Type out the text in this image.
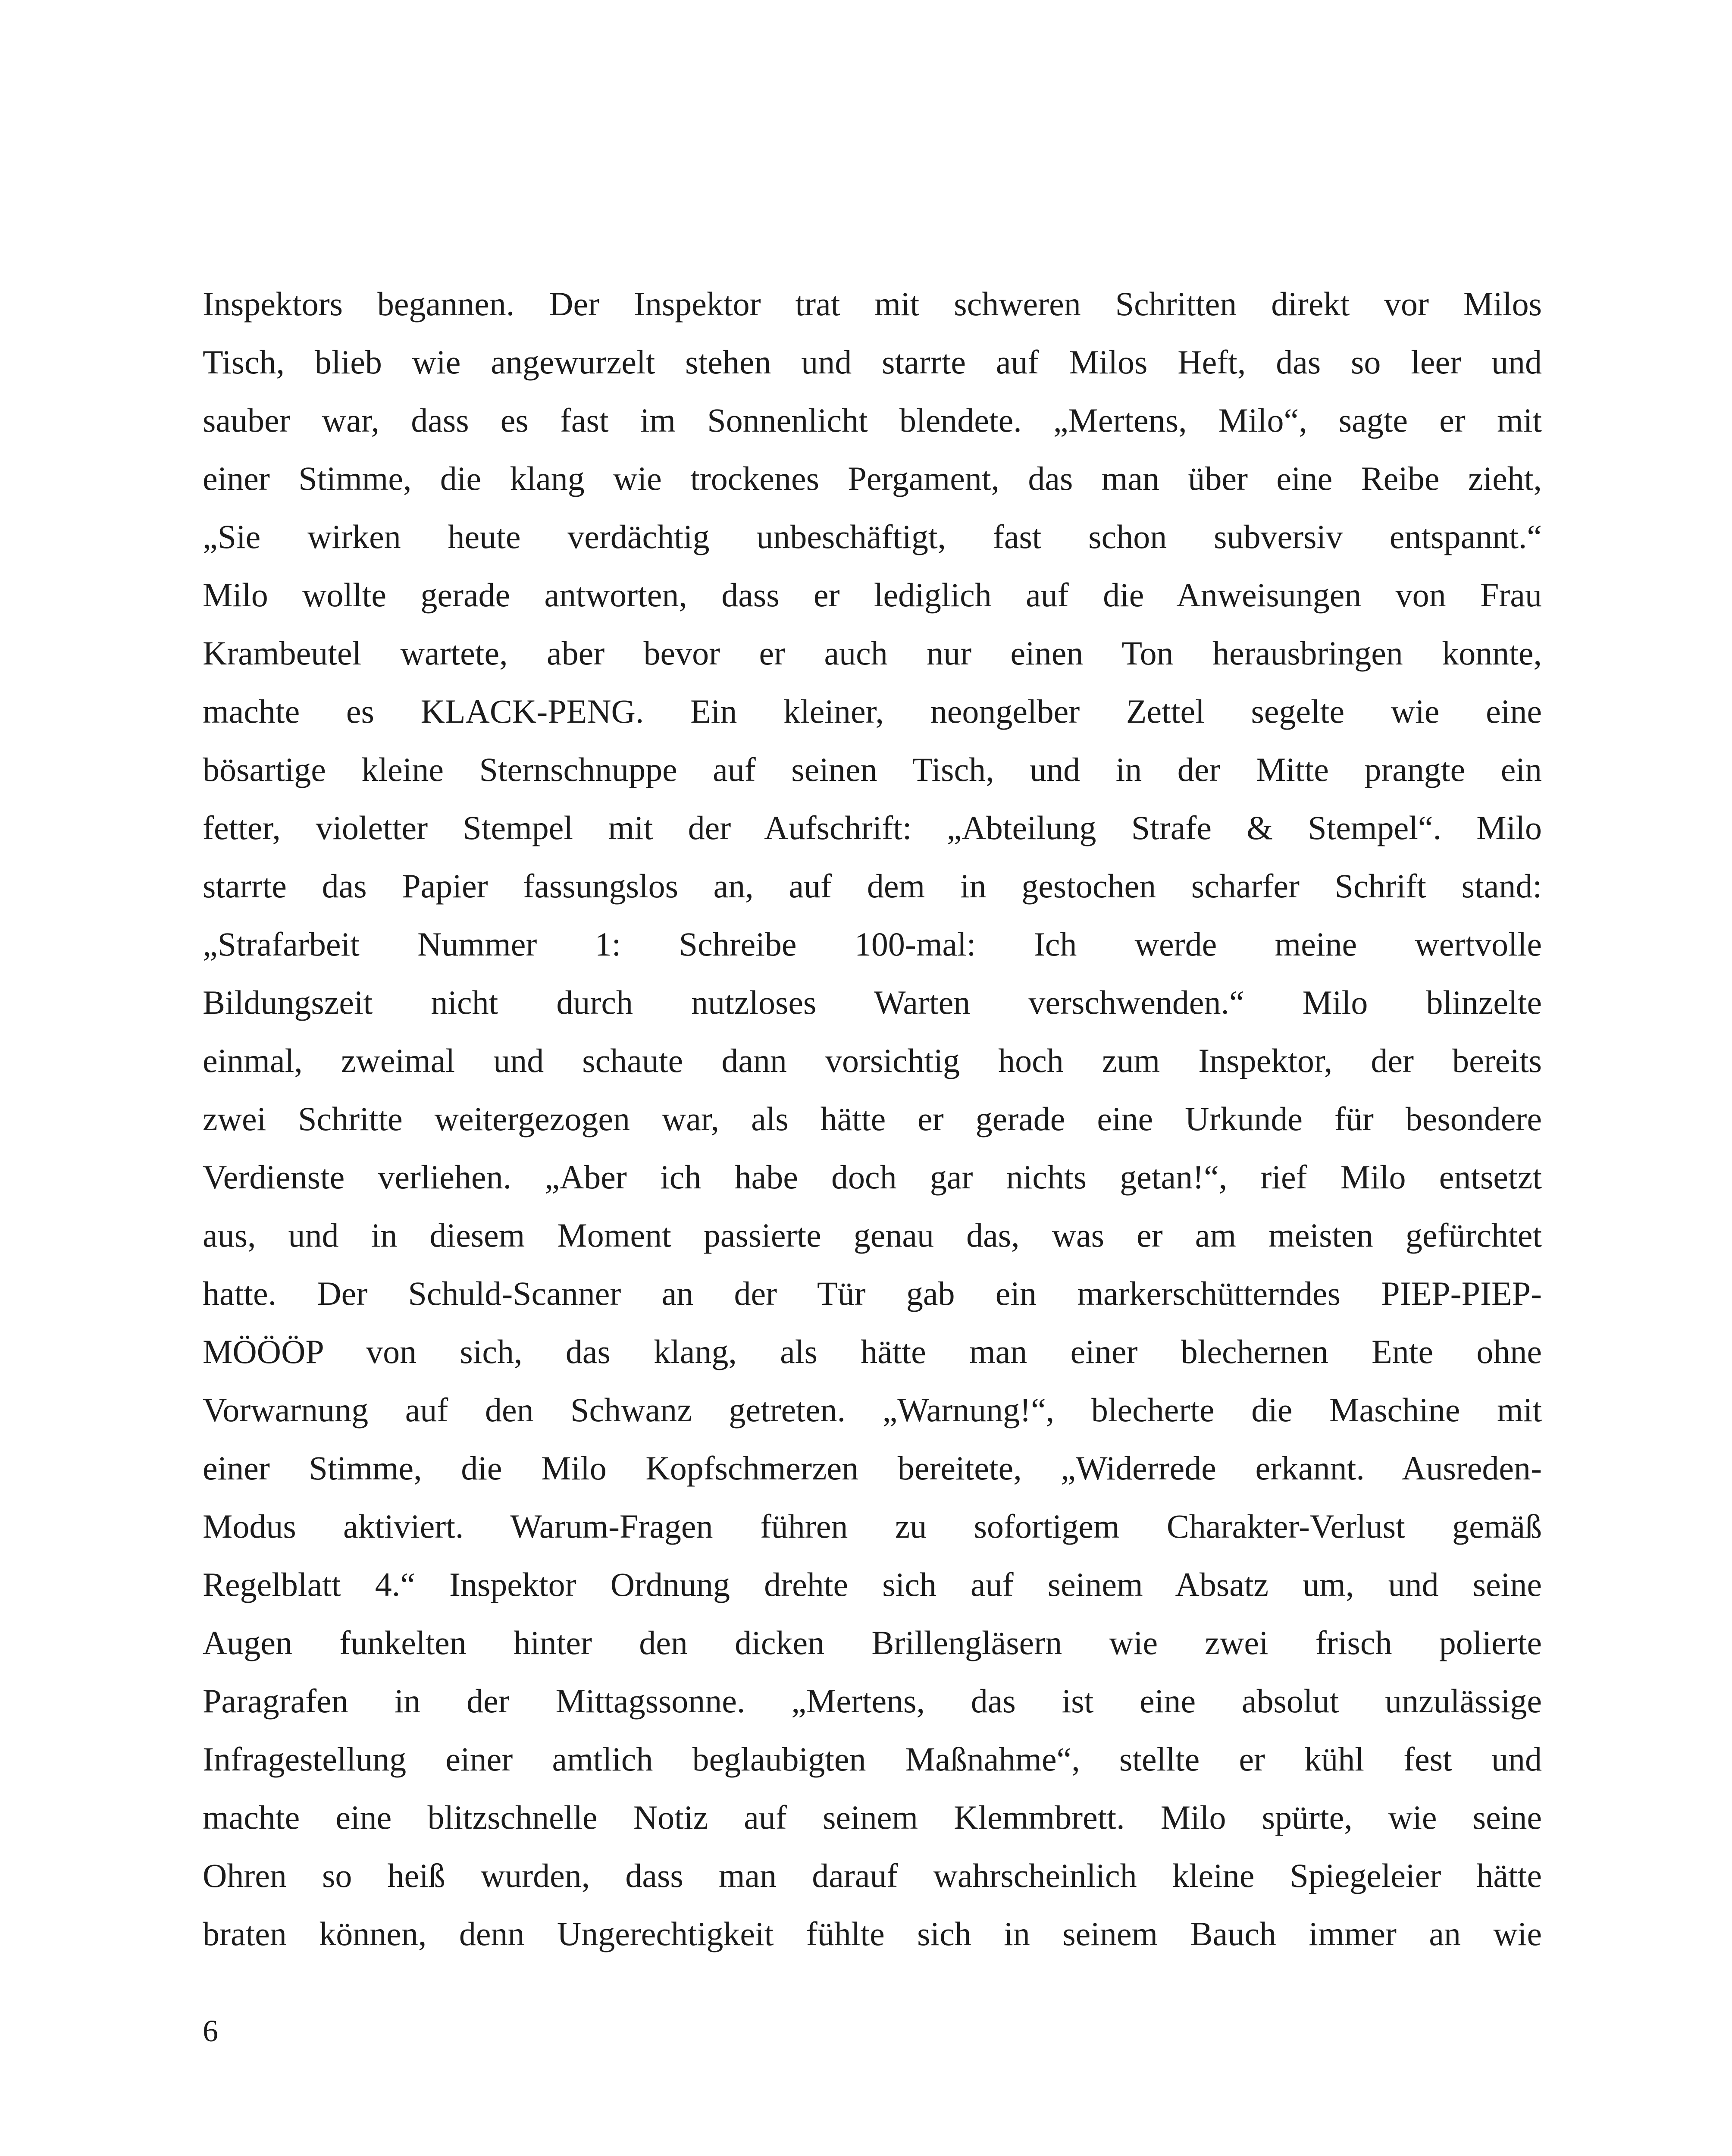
Inspektors begannen. Der Inspektor trat mit schweren Schritten direkt vor Milos
Tisch, blieb wie angewurzelt stehen und starrte auf Milos Heft, das so leer und
sauber war, dass es fast im Sonnenlicht blendete. „Mertens, Milo“, sagte er mit
einer Stimme, die klang wie trockenes Pergament, das man über eine Reibe zieht,
„Sie wirken heute verdächtig unbeschäftigt, fast schon subversiv entspannt.“
Milo wollte gerade antworten, dass er lediglich auf die Anweisungen von Frau
Krambeutel wartete, aber bevor er auch nur einen Ton herausbringen konnte,
machte es KLACK-PENG. Ein kleiner, neongelber Zettel segelte wie eine
bösartige kleine Sternschnuppe auf seinen Tisch, und in der Mitte prangte ein
fetter, violetter Stempel mit der Aufschrift: „Abteilung Strafe & Stempel“. Milo
starrte das Papier fassungslos an, auf dem in gestochen scharfer Schrift stand:
„Strafarbeit Nummer 1: Schreibe 100-mal: Ich werde meine wertvolle
Bildungszeit nicht durch nutzloses Warten verschwenden.“ Milo blinzelte
einmal, zweimal und schaute dann vorsichtig hoch zum Inspektor, der bereits
zwei Schritte weitergezogen war, als hätte er gerade eine Urkunde für besondere
Verdienste verliehen. „Aber ich habe doch gar nichts getan!“, rief Milo entsetzt
aus, und in diesem Moment passierte genau das, was er am meisten gefürchtet
hatte. Der Schuld-Scanner an der Tür gab ein markerschütterndes PIEP-PIEP-
MÖÖÖP von sich, das klang, als hätte man einer blechernen Ente ohne
Vorwarnung auf den Schwanz getreten. „Warnung!“, blecherte die Maschine mit
einer Stimme, die Milo Kopfschmerzen bereitete, „Widerrede erkannt. Ausreden-
Modus aktiviert. Warum-Fragen führen zu sofortigem Charakter-Verlust gemäß
Regelblatt 4.“ Inspektor Ordnung drehte sich auf seinem Absatz um, und seine
Augen funkelten hinter den dicken Brillengläsern wie zwei frisch polierte
Paragrafen in der Mittagssonne. „Mertens, das ist eine absolut unzulässige
Infragestellung einer amtlich beglaubigten Maßnahme“, stellte er kühl fest und
machte eine blitzschnelle Notiz auf seinem Klemmbrett. Milo spürte, wie seine
Ohren so heiß wurden, dass man darauf wahrscheinlich kleine Spiegeleier hätte
braten können, denn Ungerechtigkeit fühlte sich in seinem Bauch immer an wie
6
